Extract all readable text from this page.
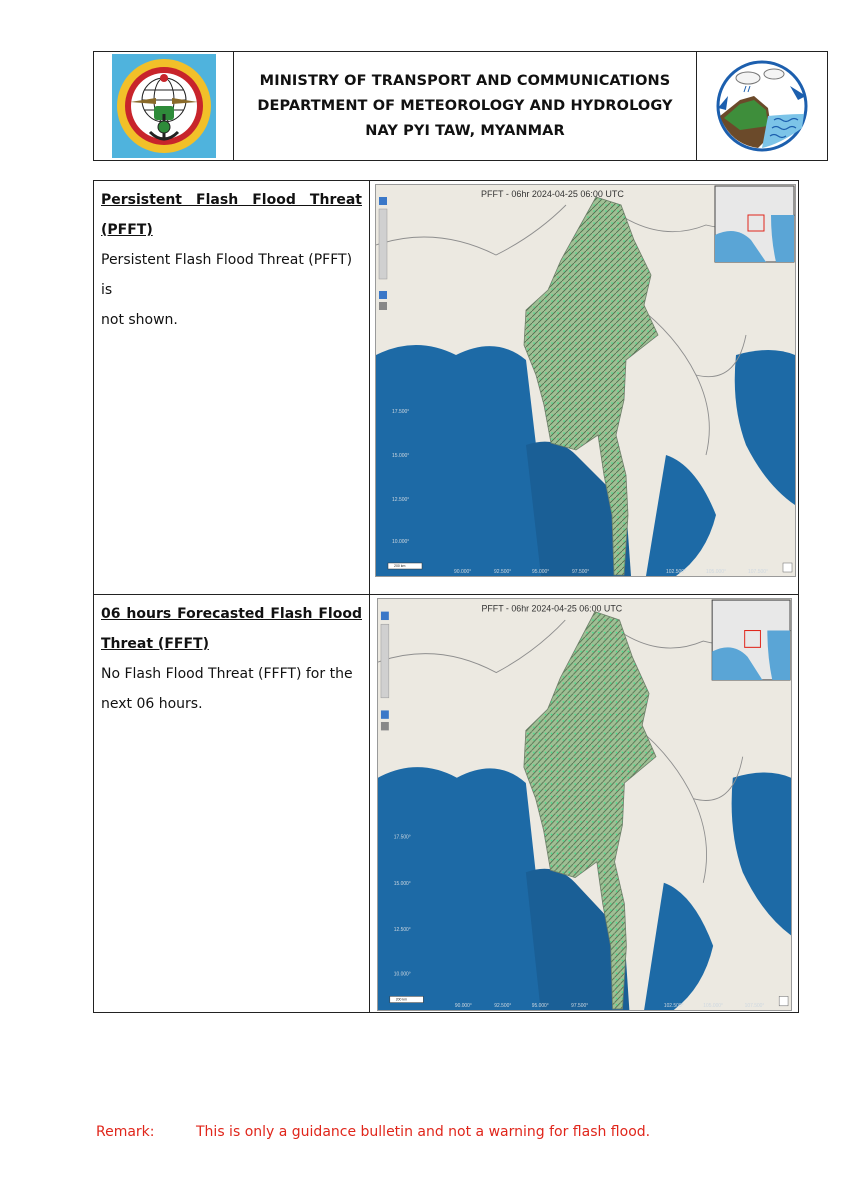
MINISTRY OF TRANSPORT AND COMMUNICATIONS
DEPARTMENT OF METEOROLOGY AND HYDROLOGY
NAY PYI TAW, MYANMAR
Persistent Flash Flood Threat
(PFFT)
Persistent Flash Flood Threat (PFFT) is
not shown.
PFFT - 06hr 2024-04-25 06:00 UTC
17.500°
15.000°
12.500°
10.000°
90.000°	92.500°	95.000°	97.500°	102.500°	105.000°	107.500°
200 km
06 hours Forecasted Flash Flood
Threat (FFFT)
No Flash Flood Threat (FFFT) for the
next 06 hours.
PFFT - 06hr 2024-04-25 06:00 UTC
17.500°
15.000°
12.500°
10.000°
90.000°	92.500°	95.000°	97.500°	102.500°	105.000°	107.500°
200 km
Remark:	This is only a guidance bulletin and not a warning for flash flood.
